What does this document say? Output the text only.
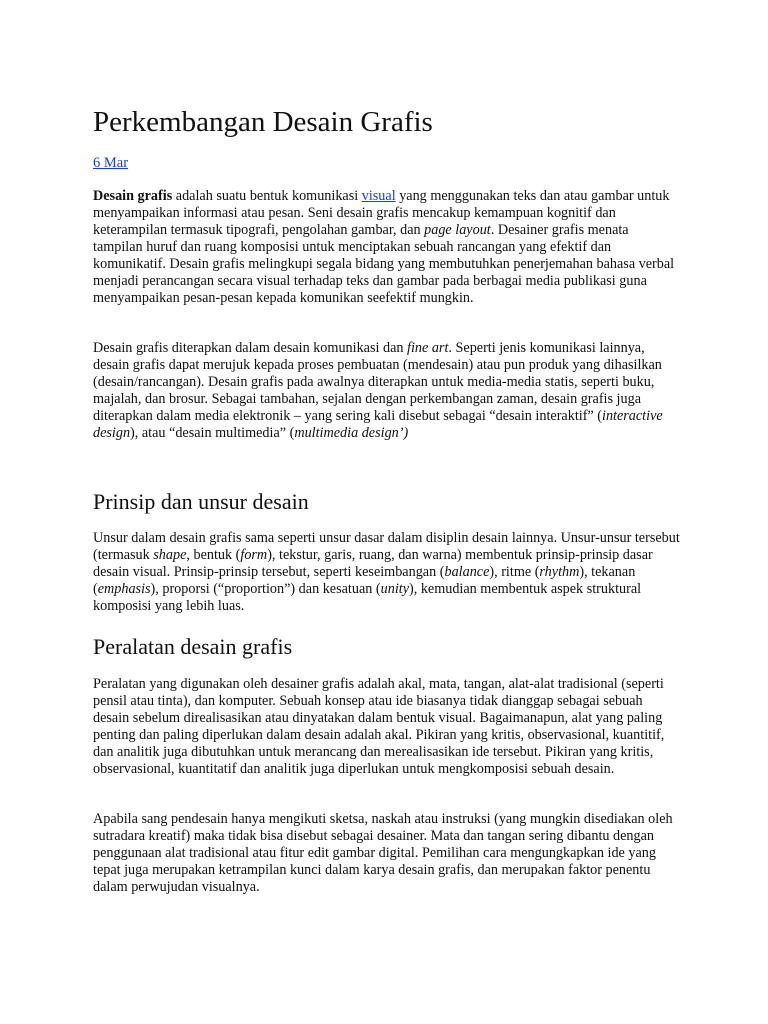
Perkembangan Desain Grafis
6 Mar

Desain grafis adalah suatu bentuk komunikasi visual yang menggunakan teks dan atau gambar untuk menyampaikan informasi atau pesan. Seni desain grafis mencakup kemampuan kognitif dan keterampilan termasuk tipografi, pengolahan gambar, dan page layout. Desainer grafis menata tampilan huruf dan ruang komposisi untuk menciptakan sebuah rancangan yang efektif dan komunikatif. Desain grafis melingkupi segala bidang yang membutuhkan penerjemahan bahasa verbal menjadi perancangan secara visual terhadap teks dan gambar pada berbagai media publikasi guna menyampaikan pesan-pesan kepada komunikan seefektif mungkin.

Desain grafis diterapkan dalam desain komunikasi dan fine art. Seperti jenis komunikasi lainnya, desain grafis dapat merujuk kepada proses pembuatan (mendesain) atau pun produk yang dihasilkan (desain/rancangan). Desain grafis pada awalnya diterapkan untuk media-media statis, seperti buku, majalah, dan brosur. Sebagai tambahan, sejalan dengan perkembangan zaman, desain grafis juga diterapkan dalam media elektronik – yang sering kali disebut sebagai “desain interaktif” (interactive design), atau “desain multimedia” (multimedia design’)

Prinsip dan unsur desain

Unsur dalam desain grafis sama seperti unsur dasar dalam disiplin desain lainnya. Unsur-unsur tersebut (termasuk shape, bentuk (form), tekstur, garis, ruang, dan warna) membentuk prinsip-prinsip dasar desain visual. Prinsip-prinsip tersebut, seperti keseimbangan (balance), ritme (rhythm), tekanan (emphasis), proporsi (“proportion”) dan kesatuan (unity), kemudian membentuk aspek struktural komposisi yang lebih luas.

Peralatan desain grafis

Peralatan yang digunakan oleh desainer grafis adalah akal, mata, tangan, alat-alat tradisional (seperti pensil atau tinta), dan komputer. Sebuah konsep atau ide biasanya tidak dianggap sebagai sebuah desain sebelum direalisasikan atau dinyatakan dalam bentuk visual. Bagaimanapun, alat yang paling penting dan paling diperlukan dalam desain adalah akal. Pikiran yang kritis, observasional, kuantitif, dan analitik juga dibutuhkan untuk merancang dan merealisasikan ide tersebut. Pikiran yang kritis, observasional, kuantitatif dan analitik juga diperlukan untuk mengkomposisi sebuah desain.

Apabila sang pendesain hanya mengikuti sketsa, naskah atau instruksi (yang mungkin disediakan oleh sutradara kreatif) maka tidak bisa disebut sebagai desainer. Mata dan tangan sering dibantu dengan penggunaan alat tradisional atau fitur edit gambar digital. Pemilihan cara mengungkapkan ide yang tepat juga merupakan ketrampilan kunci dalam karya desain grafis, dan merupakan faktor penentu dalam perwujudan visualnya.
